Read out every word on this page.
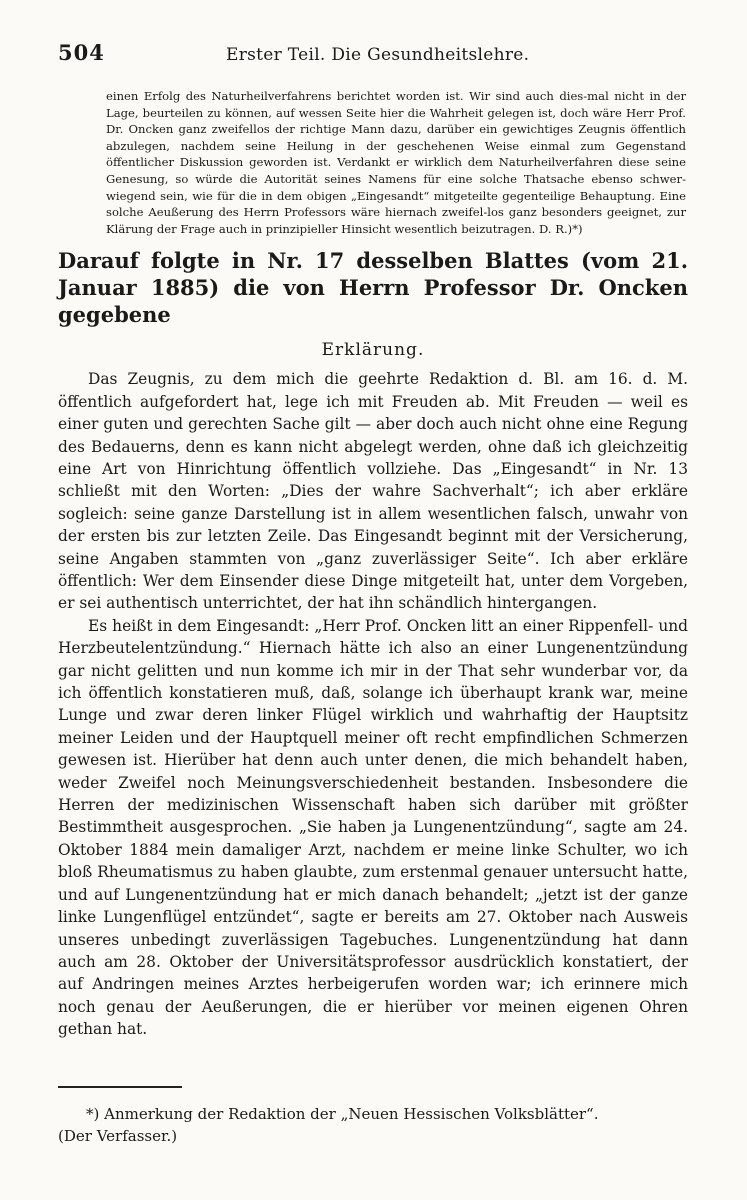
504	Erster Teil. Die Gesundheitslehre.

einen Erfolg des Naturheilverfahrens berichtet worden ist. Wir sind auch dies-mal nicht in der Lage, beurteilen zu können, auf wessen Seite hier die Wahrheit gelegen ist, doch wäre Herr Prof. Dr. Oncken ganz zweifellos der richtige Mann dazu, darüber ein gewichtiges Zeugnis öffentlich abzulegen, nachdem seine Heilung in der geschehenen Weise einmal zum Gegenstand öffentlicher Diskussion geworden ist. Verdankt er wirklich dem Naturheilverfahren diese seine Genesung, so würde die Autorität seines Namens für eine solche Thatsache ebenso schwer-wiegend sein, wie für die in dem obigen „Eingesandt“ mitgeteilte gegenteilige Behauptung. Eine solche Aeußerung des Herrn Professors wäre hiernach zweifel-los ganz besonders geeignet, zur Klärung der Frage auch in prinzipieller Hinsicht wesentlich beizutragen. D. R.)*)

Darauf folgte in Nr. 17 desselben Blattes (vom 21. Januar 1885) die von Herrn Professor Dr. Oncken gegebene

Erklärung.

Das Zeugnis, zu dem mich die geehrte Redaktion d. Bl. am 16. d. M. öffentlich aufgefordert hat, lege ich mit Freuden ab. Mit Freuden — weil es einer guten und gerechten Sache gilt — aber doch auch nicht ohne eine Regung des Bedauerns, denn es kann nicht abgelegt werden, ohne daß ich gleichzeitig eine Art von Hinrichtung öffentlich vollziehe. Das „Eingesandt“ in Nr. 13 schließt mit den Worten: „Dies der wahre Sachverhalt“; ich aber erkläre sogleich: seine ganze Darstellung ist in allem wesentlichen falsch, unwahr von der ersten bis zur letzten Zeile. Das Eingesandt beginnt mit der Versicherung, seine Angaben stammten von „ganz zuverlässiger Seite“. Ich aber erkläre öffentlich: Wer dem Einsender diese Dinge mitgeteilt hat, unter dem Vorgeben, er sei authentisch unterrichtet, der hat ihn schändlich hintergangen.

Es heißt in dem Eingesandt: „Herr Prof. Oncken litt an einer Rippenfell- und Herzbeutelentzündung.“ Hiernach hätte ich also an einer Lungenentzündung gar nicht gelitten und nun komme ich mir in der That sehr wunderbar vor, da ich öffentlich konstatieren muß, daß, solange ich überhaupt krank war, meine Lunge und zwar deren linker Flügel wirklich und wahrhaftig der Hauptsitz meiner Leiden und der Hauptquell meiner oft recht empfindlichen Schmerzen gewesen ist. Hierüber hat denn auch unter denen, die mich behandelt haben, weder Zweifel noch Meinungsverschiedenheit bestanden. Insbesondere die Herren der medizinischen Wissenschaft haben sich darüber mit größter Bestimmtheit ausgesprochen. „Sie haben ja Lungenentzündung“, sagte am 24. Oktober 1884 mein damaliger Arzt, nachdem er meine linke Schulter, wo ich bloß Rheumatismus zu haben glaubte, zum erstenmal genauer untersucht hatte, und auf Lungenentzündung hat er mich danach behandelt; „jetzt ist der ganze linke Lungenflügel entzündet“, sagte er bereits am 27. Oktober nach Ausweis unseres unbedingt zuverlässigen Tagebuches. Lungenentzündung hat dann auch am 28. Oktober der Universitätsprofessor ausdrücklich konstatiert, der auf Andringen meines Arztes herbeigerufen worden war; ich erinnere mich noch genau der Aeußerungen, die er hierüber vor meinen eigenen Ohren gethan hat.

*) Anmerkung der Redaktion der „Neuen Hessischen Volksblätter“.

(Der Verfasser.)
